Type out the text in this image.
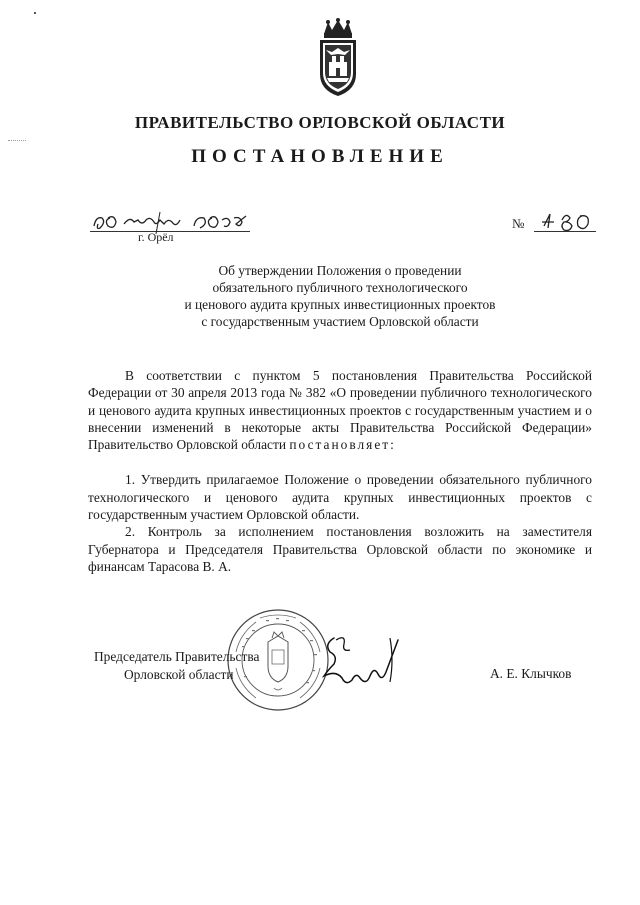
ПРАВИТЕЛЬСТВО ОРЛОВСКОЙ ОБЛАСТИ
ПОСТАНОВЛЕНИЕ
г. Орёл
№
Об утверждении Положения о проведении
обязательного публичного технологического
и ценового аудита крупных инвестиционных проектов
с государственным участием Орловской области

В соответствии с пунктом 5 постановления Правительства Российской Федерации от 30 апреля 2013 года № 382 «О проведении публичного технологического и ценового аудита крупных инвестиционных проектов с государственным участием и о внесении изменений в некоторые акты Правительства Российской Федерации» Правительство Орловской области постановляет:

1. Утвердить прилагаемое Положение о проведении обязательного публичного технологического и ценового аудита крупных инвестиционных проектов с государственным участием Орловской области.

2. Контроль за исполнением постановления возложить на заместителя Губернатора и Председателя Правительства Орловской области по экономике и финансам Тарасова В. А.

Председатель Правительства
Орловской области	А. Е. Клычков
